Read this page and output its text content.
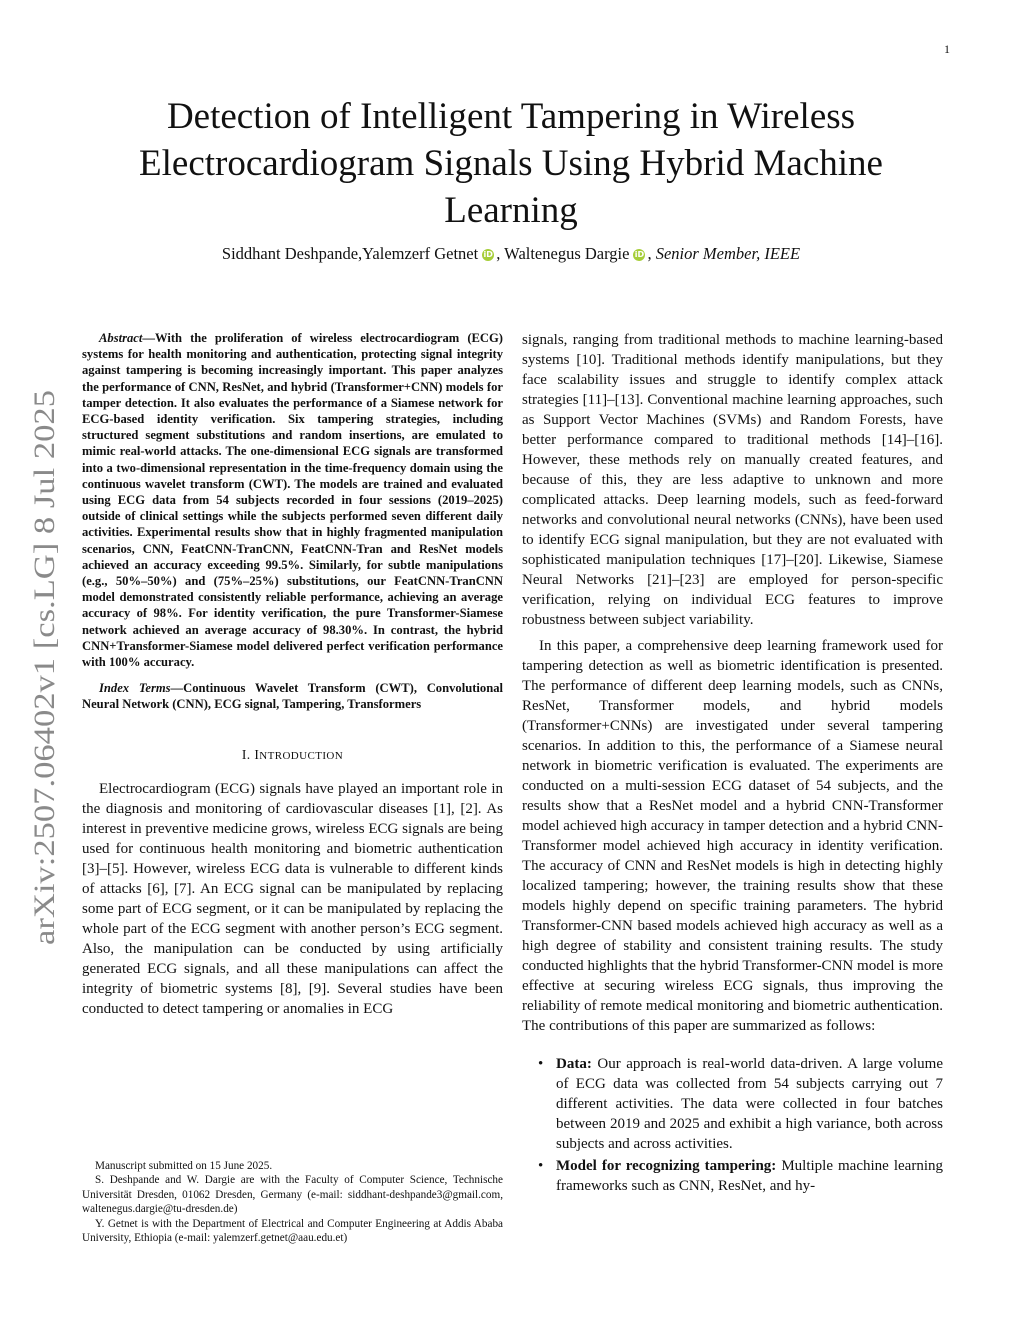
1
arXiv:2507.06402v1 [cs.LG] 8 Jul 2025
Detection of Intelligent Tampering in Wireless Electrocardiogram Signals Using Hybrid Machine Learning
Siddhant Deshpande,Yalemzerf Getnet iD , Waltenegus Dargie iD , Senior Member, IEEE

Abstract—With the proliferation of wireless electrocardiogram (ECG) systems for health monitoring and authentication, protecting signal integrity against tampering is becoming increasingly important. This paper analyzes the performance of CNN, ResNet, and hybrid (Transformer+CNN) models for tamper detection. It also evaluates the performance of a Siamese network for ECG-based identity verification. Six tampering strategies, including structured segment substitutions and random insertions, are emulated to mimic real-world attacks. The one-dimensional ECG signals are transformed into a two-dimensional representation in the time-frequency domain using the continuous wavelet transform (CWT). The models are trained and evaluated using ECG data from 54 subjects recorded in four sessions (2019–2025) outside of clinical settings while the subjects performed seven different daily activities. Experimental results show that in highly fragmented manipulation scenarios, CNN, FeatCNN-TranCNN, FeatCNN-Tran and ResNet models achieved an accuracy exceeding 99.5%. Similarly, for subtle manipulations (e.g., 50%–50%) and (75%–25%) substitutions, our FeatCNN-TranCNN model demonstrated consistently reliable performance, achieving an average accuracy of 98%. For identity verification, the pure Transformer-Siamese network achieved an average accuracy of 98.30%. In contrast, the hybrid CNN+Transformer-Siamese model delivered perfect verification performance with 100% accuracy.

Index Terms—Continuous Wavelet Transform (CWT), Convolutional Neural Network (CNN), ECG signal, Tampering, Transformers

I. INTRODUCTION

Electrocardiogram (ECG) signals have played an important role in the diagnosis and monitoring of cardiovascular diseases [1], [2]. As interest in preventive medicine grows, wireless ECG signals are being used for continuous health monitoring and biometric authentication [3]–[5]. However, wireless ECG data is vulnerable to different kinds of attacks [6], [7]. An ECG signal can be manipulated by replacing some part of ECG segment, or it can be manipulated by replacing the whole part of the ECG segment with another person’s ECG segment. Also, the manipulation can be conducted by using artificially generated ECG signals, and all these manipulations can affect the integrity of biometric systems [8], [9]. Several studies have been conducted to detect tampering or anomalies in ECG

Manuscript submitted on 15 June 2025.

S. Deshpande and W. Dargie are with the Faculty of Computer Science, Technische Universität Dresden, 01062 Dresden, Germany (e-mail: siddhant-deshpande3@gmail.com, waltenegus.dargie@tu-dresden.de)

Y. Getnet is with the Department of Electrical and Computer Engineering at Addis Ababa University, Ethiopia (e-mail: yalemzerf.getnet@aau.edu.et)

signals, ranging from traditional methods to machine learning-based systems [10]. Traditional methods identify manipulations, but they face scalability issues and struggle to identify complex attack strategies [11]–[13]. Conventional machine learning approaches, such as Support Vector Machines (SVMs) and Random Forests, have better performance compared to traditional methods [14]–[16]. However, these methods rely on manually created features, and because of this, they are less adaptive to unknown and more complicated attacks. Deep learning models, such as feed-forward networks and convolutional neural networks (CNNs), have been used to identify ECG signal manipulation, but they are not evaluated with sophisticated manipulation techniques [17]–[20]. Likewise, Siamese Neural Networks [21]–[23] are employed for person-specific verification, relying on individual ECG features to improve robustness between subject variability.

In this paper, a comprehensive deep learning framework used for tampering detection as well as biometric identification is presented. The performance of different deep learning models, such as CNNs, ResNet, Transformer models, and hybrid models (Transformer+CNNs) are investigated under several tampering scenarios. In addition to this, the performance of a Siamese neural network in biometric verification is evaluated. The experiments are conducted on a multi-session ECG dataset of 54 subjects, and the results show that a ResNet model and a hybrid CNN-Transformer model achieved high accuracy in tamper detection and a hybrid CNN-Transformer model achieved high accuracy in identity verification. The accuracy of CNN and ResNet models is high in detecting highly localized tampering; however, the training results show that these models highly depend on specific training parameters. The hybrid Transformer-CNN based models achieved high accuracy as well as a high degree of stability and consistent training results. The study conducted highlights that the hybrid Transformer-CNN model is more effective at securing wireless ECG signals, thus improving the reliability of remote medical monitoring and biometric authentication. The contributions of this paper are summarized as follows:

• Data: Our approach is real-world data-driven. A large volume of ECG data was collected from 54 subjects carrying out 7 different activities. The data were collected in four batches between 2019 and 2025 and exhibit a high variance, both across subjects and across activities.
• Model for recognizing tampering: Multiple machine learning frameworks such as CNN, ResNet, and hy-
